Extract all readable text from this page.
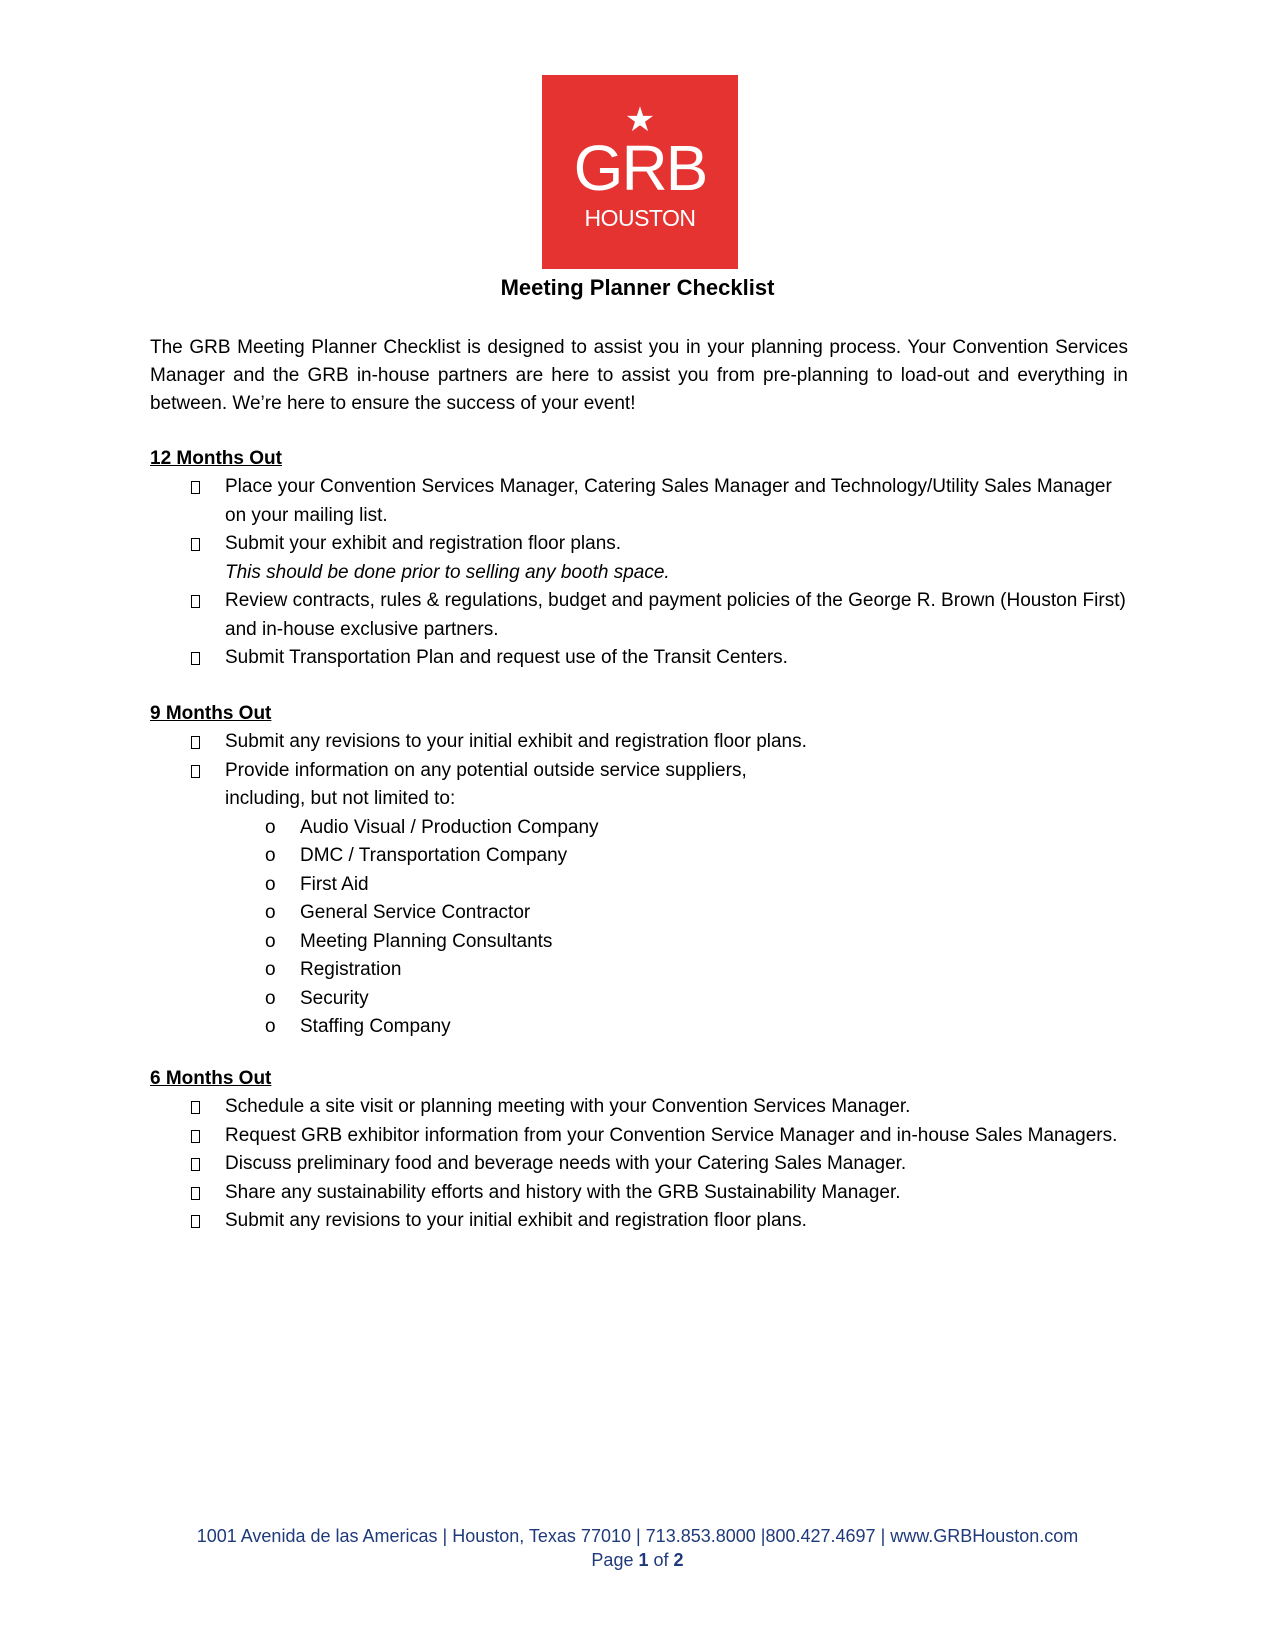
★
GRB
HOUSTON
Meeting Planner Checklist
The GRB Meeting Planner Checklist is designed to assist you in your planning process. Your Convention Services Manager and the GRB in-house partners are here to assist you from pre-planning to load-out and everything in between. We’re here to ensure the success of your event!
12 Months Out
Place your Convention Services Manager, Catering Sales Manager and Technology/Utility Sales Manager on your mailing list.
Submit your exhibit and registration floor plans.
This should be done prior to selling any booth space.
Review contracts, rules & regulations, budget and payment policies of the George R. Brown (Houston First) and in-house exclusive partners.
Submit Transportation Plan and request use of the Transit Centers.
9 Months Out
Submit any revisions to your initial exhibit and registration floor plans.
Provide information on any potential outside service suppliers,
including, but not limited to:
o Audio Visual / Production Company
o DMC / Transportation Company
o First Aid
o General Service Contractor
o Meeting Planning Consultants
o Registration
o Security
o Staffing Company
6 Months Out
Schedule a site visit or planning meeting with your Convention Services Manager.
Request GRB exhibitor information from your Convention Service Manager and in-house Sales Managers.
Discuss preliminary food and beverage needs with your Catering Sales Manager.
Share any sustainability efforts and history with the GRB Sustainability Manager.
Submit any revisions to your initial exhibit and registration floor plans.
1001 Avenida de las Americas | Houston, Texas 77010 | 713.853.8000 |800.427.4697 | www.GRBHouston.com
Page 1 of 2
